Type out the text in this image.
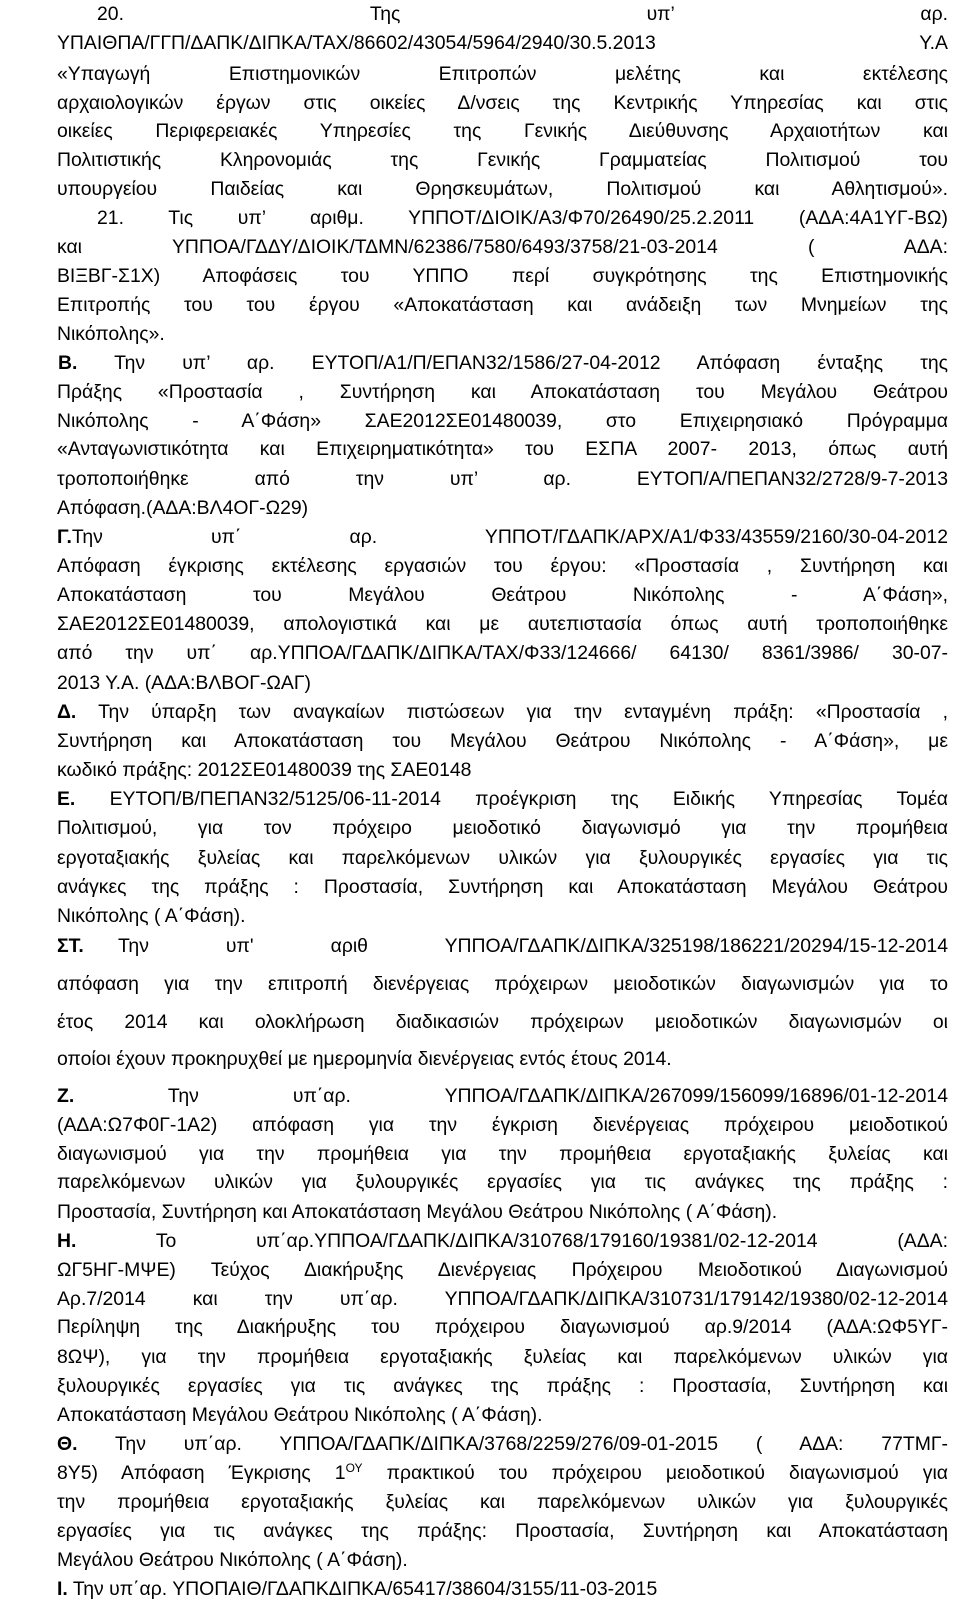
20. Της υπ’ αρ.
ΥΠΑΙΘΠΑ/ΓΓΠ/ΔΑΠΚ/ΔΙΠΚΑ/ΤΑΧ/86602/43054/5964/2940/30.5.2013 Υ.Α
«Υπαγωγή Επιστημονικών Επιτροπών μελέτης και εκτέλεσης
αρχαιολογικών έργων στις οικείες Δ/νσεις της Κεντρικής Υπηρεσίας και στις
οικείες Περιφερειακές Υπηρεσίες της Γενικής Διεύθυνσης Αρχαιοτήτων και
Πολιτιστικής Κληρονομιάς της Γενικής Γραμματείας Πολιτισμού του
υπουργείου Παιδείας και Θρησκευμάτων, Πολιτισμού και Αθλητισμού».
21. Τις υπ’ αριθμ. ΥΠΠΟΤ/ΔΙΟΙΚ/Α3/Φ70/26490/25.2.2011 (ΑΔΑ:4Α1ΥΓ-ΒΩ)
και ΥΠΠΟΑ/ΓΔΔΥ/ΔΙΟΙΚ/ΤΔΜΝ/62386/7580/6493/3758/21-03-2014 ( ΑΔΑ:
ΒΙΞΒΓ-Σ1Χ) Αποφάσεις του ΥΠΠΟ περί συγκρότησης της Επιστημονικής
Επιτροπής του του έργου «Αποκατάσταση και ανάδειξη των Μνημείων της
Νικόπολης».
Β. Την υπ’ αρ. ΕΥΤΟΠ/Α1/Π/ΕΠΑΝ32/1586/27-04-2012 Απόφαση ένταξης της
Πράξης «Προστασία , Συντήρηση και Αποκατάσταση του Μεγάλου Θεάτρου
Νικόπολης - Α΄Φάση» ΣΑΕ2012ΣΕ01480039, στο Επιχειρησιακό Πρόγραμμα
«Ανταγωνιστικότητα και Επιχειρηματικότητα» του ΕΣΠΑ 2007- 2013, όπως αυτή
τροποποιήθηκε από την υπ’ αρ. ΕΥΤΟΠ/Α/ΠΕΠΑΝ32/2728/9-7-2013
Απόφαση.(ΑΔΑ:ΒΛ4ΟΓ-Ω29)
Γ.Την υπ΄ αρ. ΥΠΠΟΤ/ΓΔΑΠΚ/ΑΡΧ/Α1/Φ33/43559/2160/30-04-2012
Απόφαση έγκρισης εκτέλεσης εργασιών του έργου: «Προστασία , Συντήρηση και
Αποκατάσταση του Μεγάλου Θεάτρου Νικόπολης - Α΄Φάση»,
ΣΑΕ2012ΣΕ01480039, απολογιστικά και με αυτεπιστασία όπως αυτή τροποποιήθηκε
από την υπ΄ αρ.ΥΠΠΟΑ/ΓΔΑΠΚ/ΔΙΠΚΑ/ΤΑΧ/Φ33/124666/ 64130/ 8361/3986/ 30-07-
2013 Υ.Α. (ΑΔΑ:ΒΛΒΟΓ-ΩΑΓ)
Δ. Την ύπαρξη των αναγκαίων πιστώσεων για την ενταγμένη πράξη: «Προστασία ,
Συντήρηση και Αποκατάσταση του Μεγάλου Θεάτρου Νικόπολης - Α΄Φάση», με
κωδικό πράξης: 2012ΣΕ01480039 της ΣΑΕ0148
Ε. ΕΥΤΟΠ/Β/ΠΕΠΑΝ32/5125/06-11-2014 προέγκριση της Ειδικής Υπηρεσίας Τομέα
Πολιτισμού, για τον πρόχειρο μειοδοτικό διαγωνισμό για την προμήθεια
εργοταξιακής ξυλείας και παρελκόμενων υλικών για ξυλουργικές εργασίες για τις
ανάγκες της πράξης : Προστασία, Συντήρηση και Αποκατάσταση Μεγάλου Θεάτρου
Νικόπολης ( Α΄Φάση).
ΣΤ. Την υπ' αριθ ΥΠΠΟΑ/ΓΔΑΠΚ/ΔΙΠΚΑ/325198/186221/20294/15-12-2014
απόφαση για την επιτροπή διενέργειας πρόχειρων μειοδοτικών διαγωνισμών για το
έτος 2014 και ολοκλήρωση διαδικασιών πρόχειρων μειοδοτικών διαγωνισμών οι
οποίοι έχουν προκηρυχθεί με ημερομηνία διενέργειας εντός έτους 2014.
Ζ. Την υπ΄αρ. ΥΠΠΟΑ/ΓΔΑΠΚ/ΔΙΠΚΑ/267099/156099/16896/01-12-2014
(ΑΔΑ:Ω7Φ0Γ-1Α2) απόφαση για την έγκριση διενέργειας πρόχειρου μειοδοτικού
διαγωνισμού για την προμήθεια για την προμήθεια εργοταξιακής ξυλείας και
παρελκόμενων υλικών για ξυλουργικές εργασίες για τις ανάγκες της πράξης :
Προστασία, Συντήρηση και Αποκατάσταση Μεγάλου Θεάτρου Νικόπολης ( Α΄Φάση).
Η. Το υπ΄αρ.ΥΠΠΟΑ/ΓΔΑΠΚ/ΔΙΠΚΑ/310768/179160/19381/02-12-2014 (ΑΔΑ:
ΩΓ5ΗΓ-ΜΨΕ) Τεύχος Διακήρυξης Διενέργειας Πρόχειρου Μειοδοτικού Διαγωνισμού
Αρ.7/2014 και την υπ΄αρ. ΥΠΠΟΑ/ΓΔΑΠΚ/ΔΙΠΚΑ/310731/179142/19380/02-12-2014
Περίληψη της Διακήρυξης του πρόχειρου διαγωνισμού αρ.9/2014 (ΑΔΑ:ΩΦ5ΥΓ-
8ΩΨ), για την προμήθεια εργοταξιακής ξυλείας και παρελκόμενων υλικών για
ξυλουργικές εργασίες για τις ανάγκες της πράξης : Προστασία, Συντήρηση και
Αποκατάσταση Μεγάλου Θεάτρου Νικόπολης ( Α΄Φάση).
Θ. Την υπ΄αρ. ΥΠΠΟΑ/ΓΔΑΠΚ/ΔΙΠΚΑ/3768/2259/276/09-01-2015 ( ΑΔΑ: 77ΤΜΓ-
8Υ5) Απόφαση Έγκρισης $1^{O\Upsilon}$ πρακτικού του πρόχειρου μειοδοτικού διαγωνισμού για
την προμήθεια εργοταξιακής ξυλείας και παρελκόμενων υλικών για ξυλουργικές
εργασίες για τις ανάγκες της πράξης: Προστασία, Συντήρηση και Αποκατάσταση
Μεγάλου Θεάτρου Νικόπολης ( Α΄Φάση).
Ι. Την υπ΄αρ. ΥΠΟΠΑΙΘ/ΓΔΑΠΚΔΙΠΚΑ/65417/38604/3155/11-03-2015
